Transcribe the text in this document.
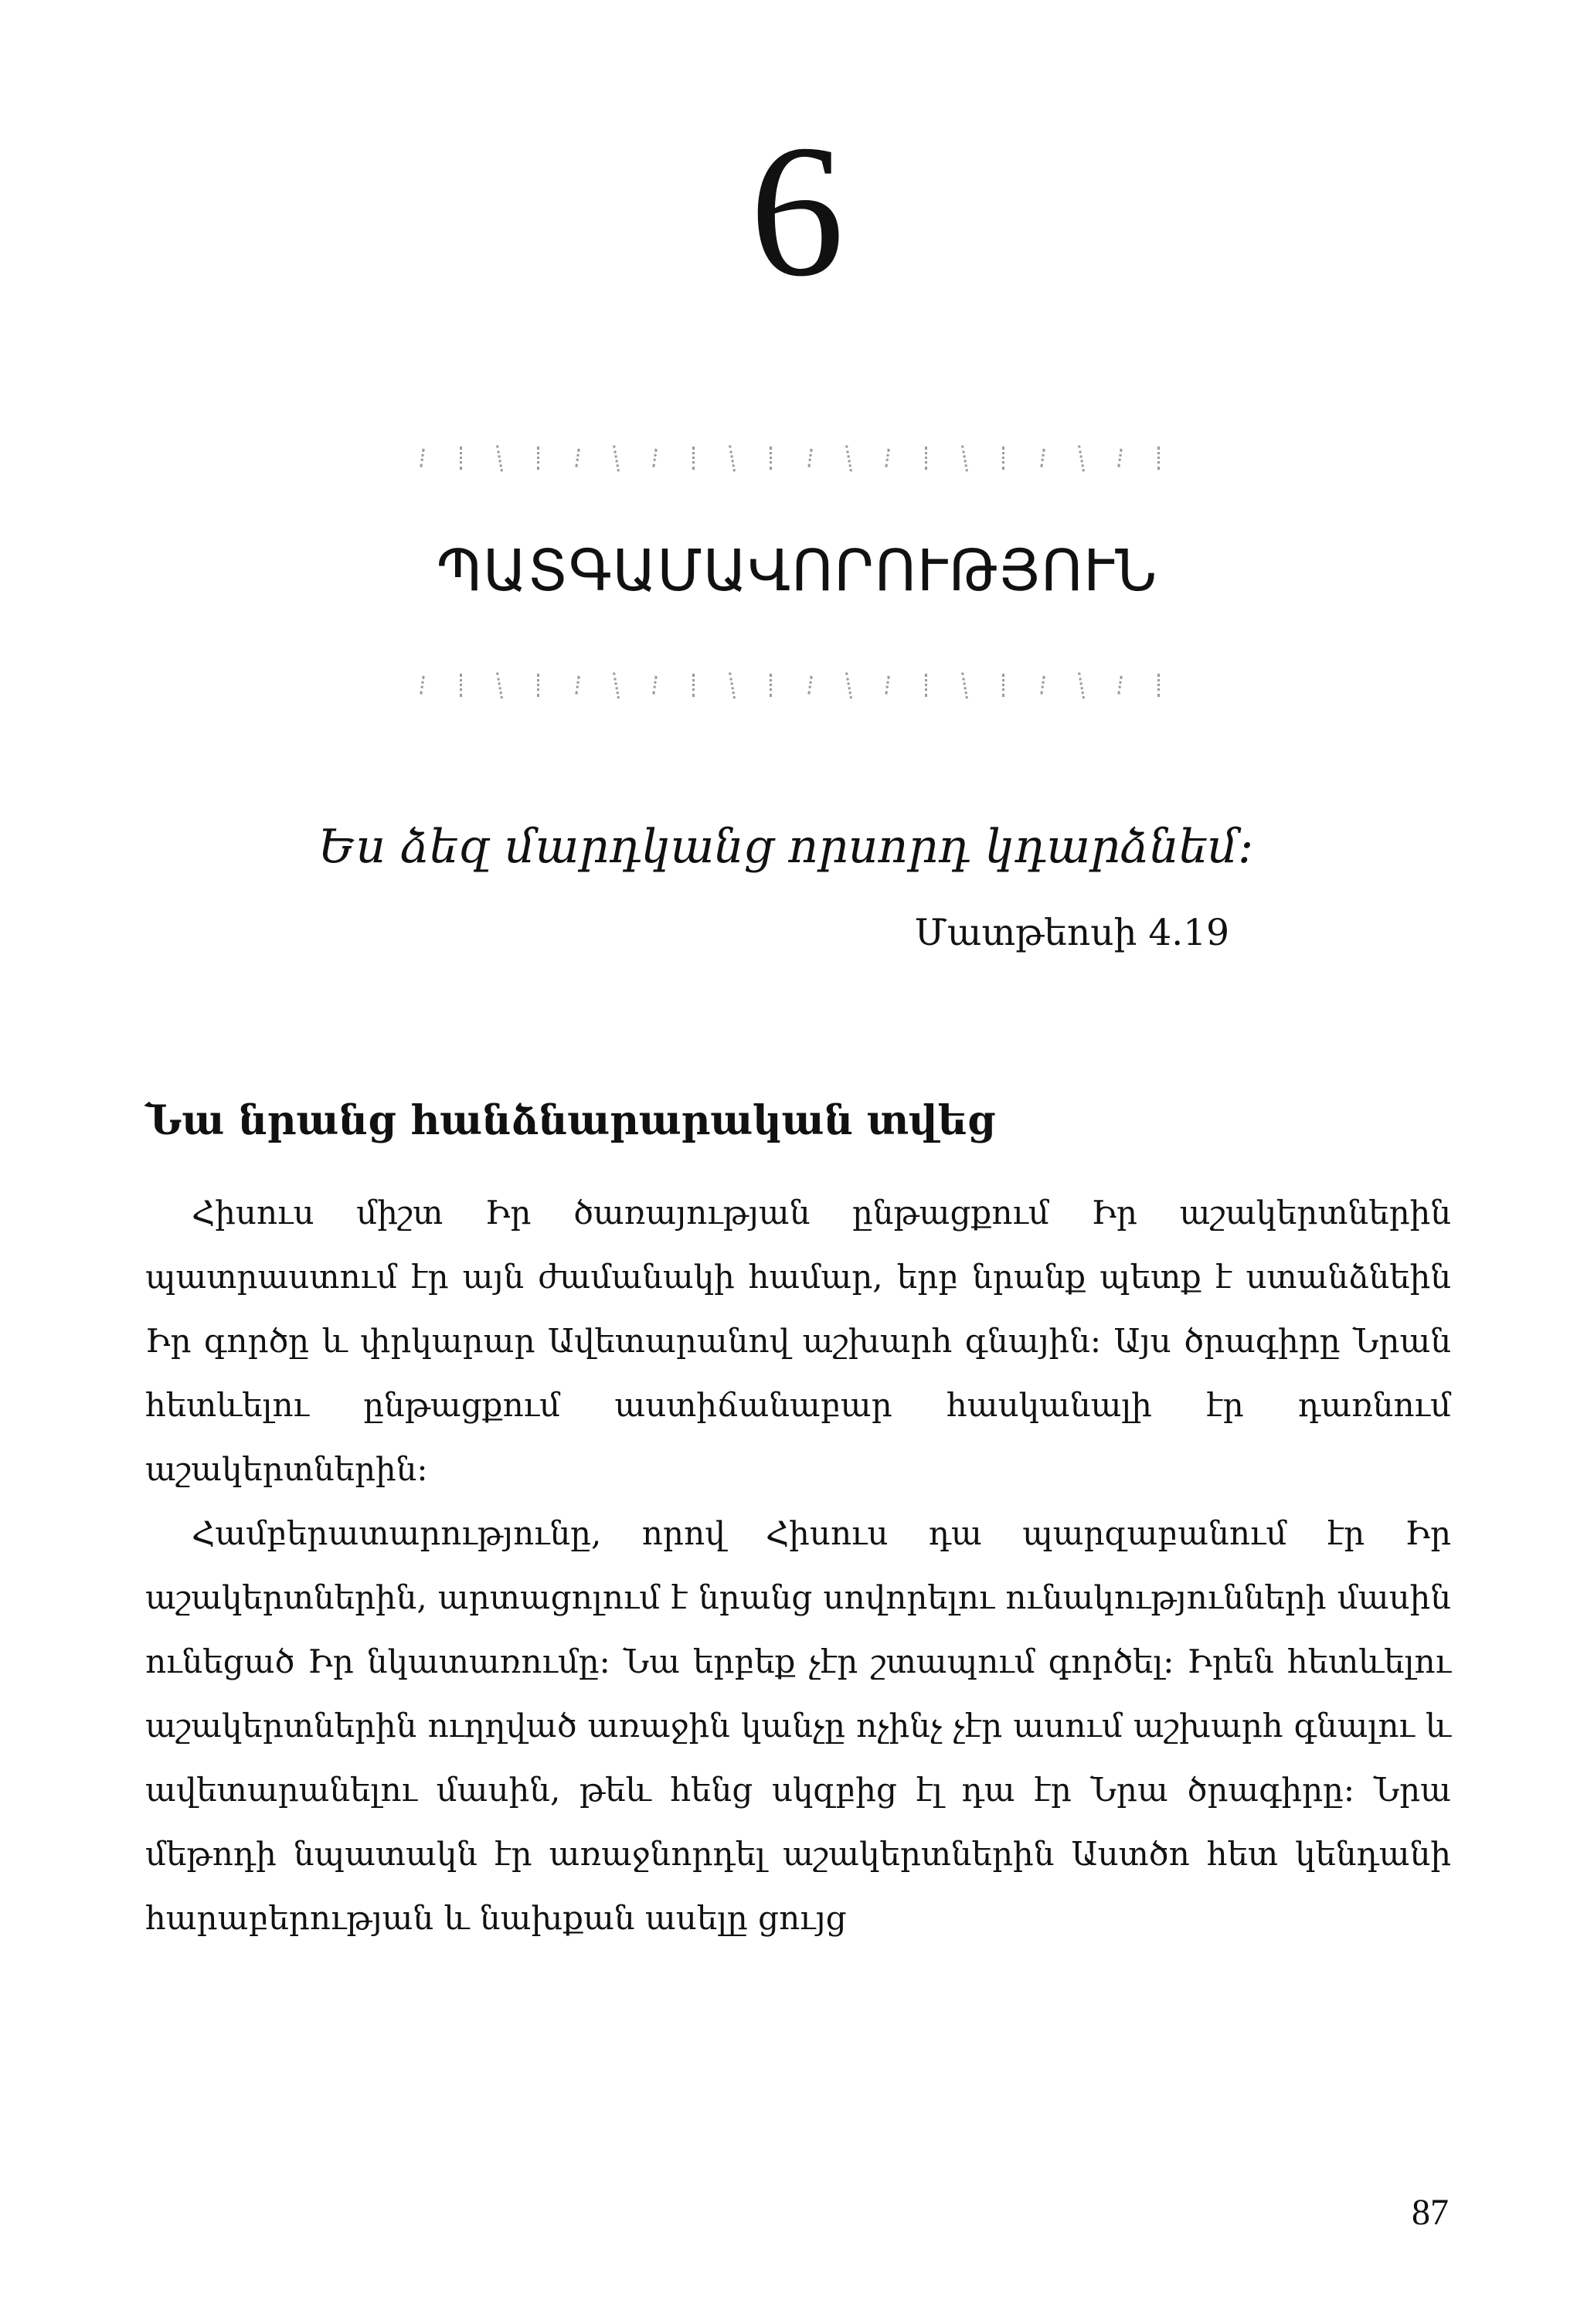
6
ՊԱՏԳԱՄԱՎՈՐՈՒԹՅՈՒՆ
Ես ձեզ մարդկանց որսորդ կդարձնեմ:
Մատթեոսի 4.19
Նա նրանց հանձնարարական տվեց

Հիսուս միշտ Իր ծառայության ընթացքում Իր աշակերտներին պատրաստում էր այն ժամանակի համար, երբ նրանք պետք է ստանձնեին Իր գործը և փրկարար Ավետարանով աշխարհ գնային: Այս ծրագիրը Նրան հետևելու ընթացքում աստիճանաբար հասկանալի էր դառնում աշակերտներին:

Համբերատարությունը, որով Հիսուս դա պարզաբանում էր Իր աշակերտներին, արտացոլում է նրանց սովորելու ունակությունների մասին ունեցած Իր նկատառումը: Նա երբեք չէր շտապում գործել: Իրեն հետևելու աշակերտներին ուղղված առաջին կանչը ոչինչ չէր ասում աշխարհ գնալու և ավետարանելու մասին, թեև հենց սկզբից էլ դա էր Նրա ծրագիրը: Նրա մեթոդի նպատակն էր առաջնորդել աշակերտներին Աստծո հետ կենդանի հարաբերության և նախքան ասելը ցույց

87
